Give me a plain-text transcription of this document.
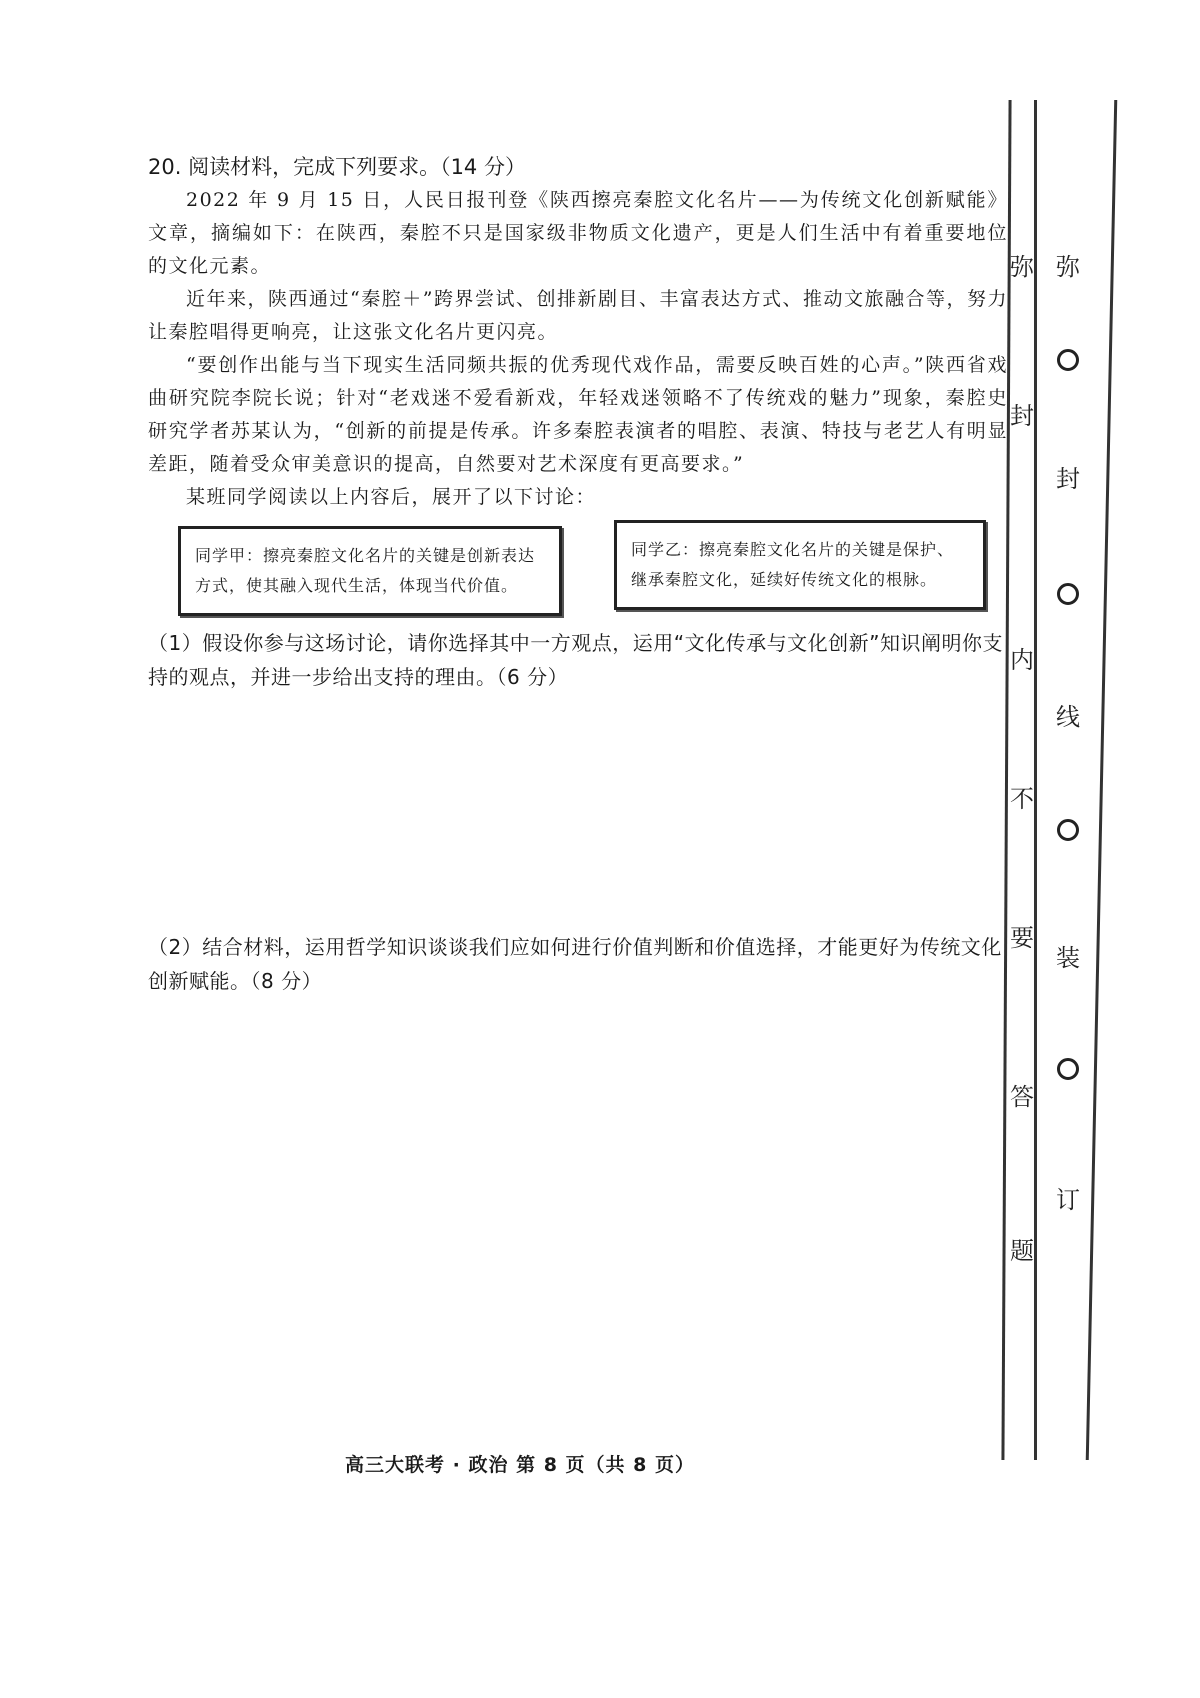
20. 阅读材料，完成下列要求。（14 分）

2022 年 9 月 15 日，人民日报刊登《陕西擦亮秦腔文化名片——为传统文化创新赋能》文章，摘编如下：在陕西，秦腔不只是国家级非物质文化遗产，更是人们生活中有着重要地位的文化元素。

近年来，陕西通过“秦腔＋”跨界尝试、创排新剧目、丰富表达方式、推动文旅融合等，努力让秦腔唱得更响亮，让这张文化名片更闪亮。

“要创作出能与当下现实生活同频共振的优秀现代戏作品，需要反映百姓的心声。”陕西省戏曲研究院李院长说；针对“老戏迷不爱看新戏，年轻戏迷领略不了传统戏的魅力”现象，秦腔史研究学者苏某认为，“创新的前提是传承。许多秦腔表演者的唱腔、表演、特技与老艺人有明显差距，随着受众审美意识的提高，自然要对艺术深度有更高要求。”

某班同学阅读以上内容后，展开了以下讨论：

同学甲：擦亮秦腔文化名片的关键是创新表达方式，使其融入现代生活，体现当代价值。
同学乙：擦亮秦腔文化名片的关键是保护、继承秦腔文化，延续好传统文化的根脉。

（1）假设你参与这场讨论，请你选择其中一方观点，运用“文化传承与文化创新”知识阐明你支持的观点，并进一步给出支持的理由。（6 分）

（2）结合材料，运用哲学知识谈谈我们应如何进行价值判断和价值选择，才能更好为传统文化创新赋能。（8 分）

弥
封
内
不
要
答
题
弥
封
线
装
订
高三大联考 · 政治 第 8 页（共 8 页）
